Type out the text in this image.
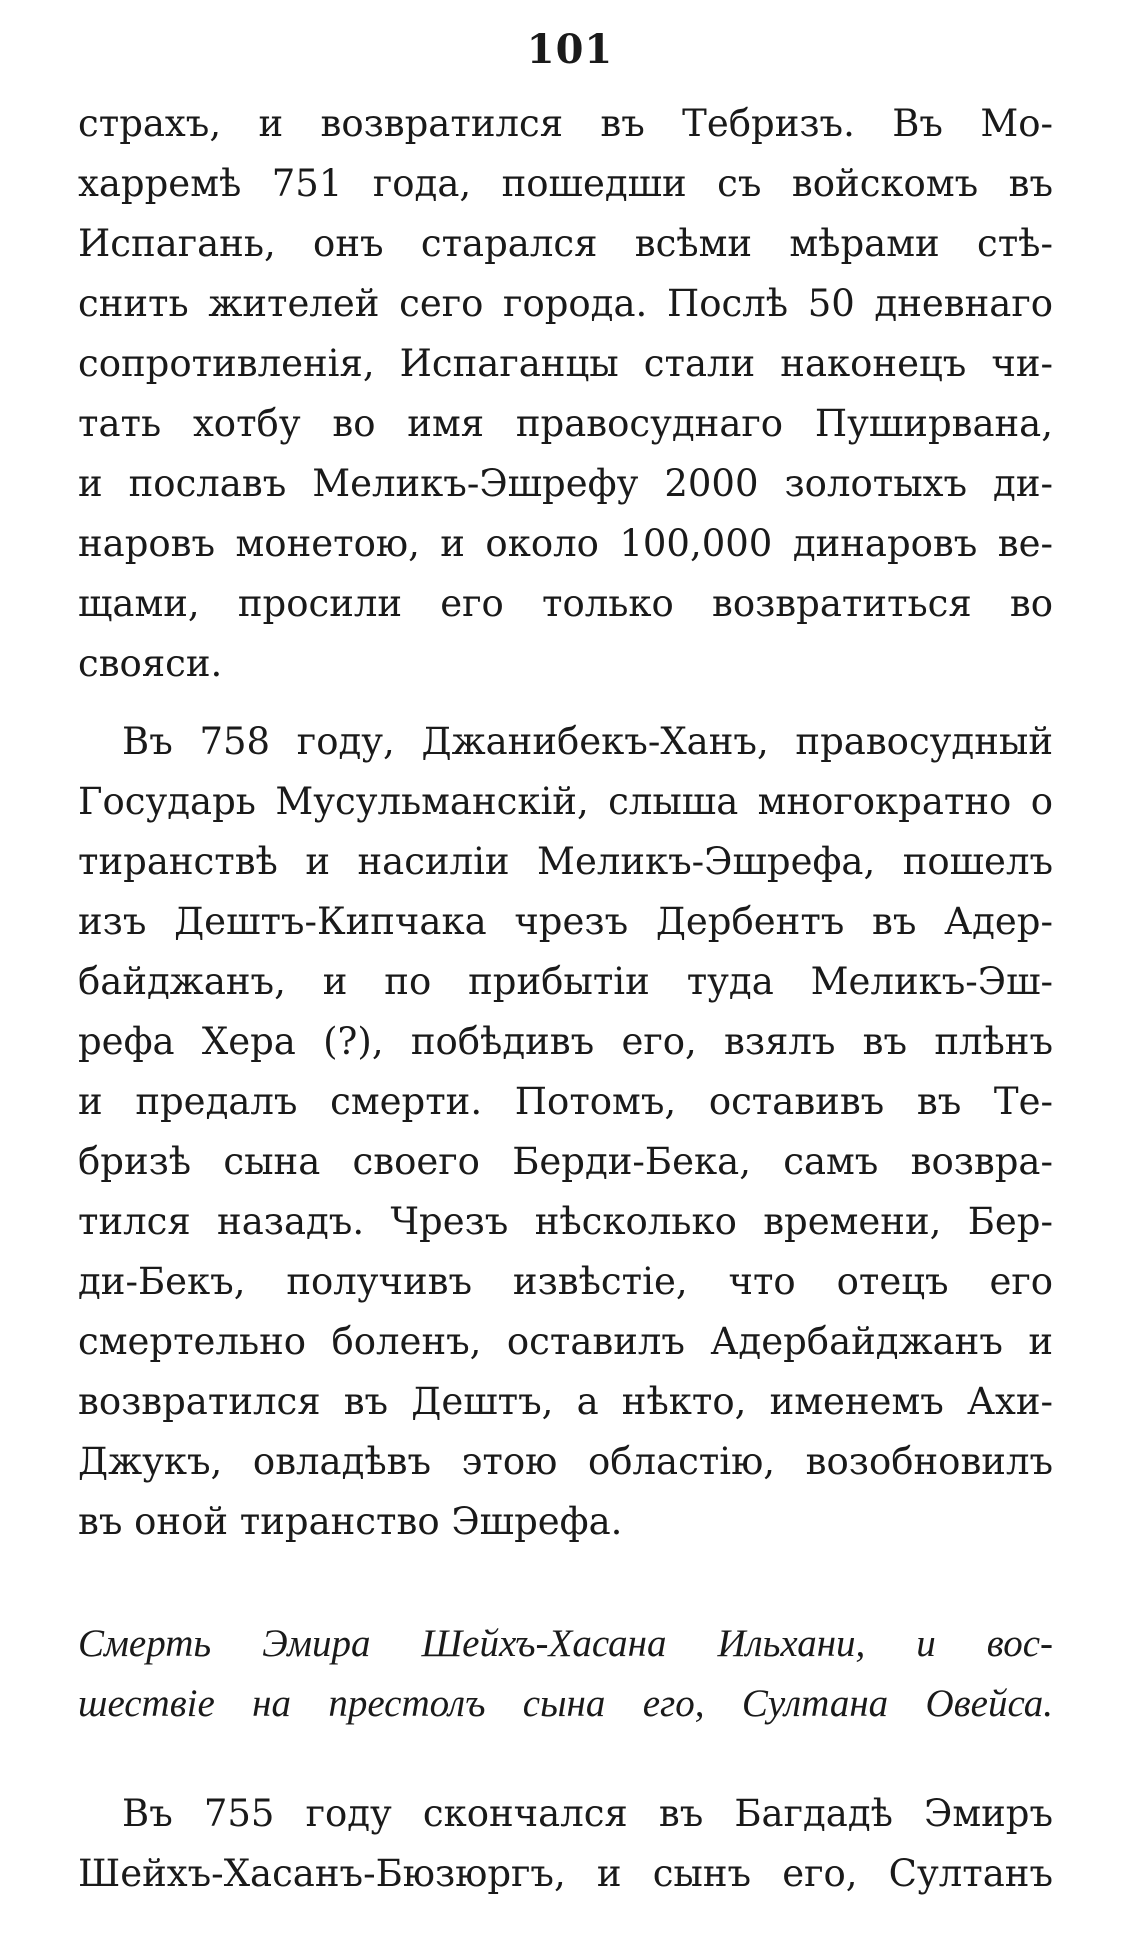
101
страхъ, и возвратился въ Тебризъ. Въ Мо-
харремѣ 751 года, пошедши съ войскомъ въ
Испагань, онъ старался всѣми мѣрами стѣ-
снить жителей сего города. Послѣ 50 дневнаго
сопротивленія, Испаганцы стали наконецъ чи-
тать хотбу во имя правосуднаго Пуширвана,
и пославъ Меликъ-Эшрефу 2000 золотыхъ ди-
наровъ монетою, и около 100,000 динаровъ ве-
щами, просили его только возвратиться во
свояси.
Въ 758 году, Джанибекъ-Ханъ, правосудный
Государь Мусульманскій, слыша многократно о
тиранствѣ и насиліи Меликъ-Эшрефа, пошелъ
изъ Дештъ-Кипчака чрезъ Дербентъ въ Адер-
байджанъ, и по прибытіи туда Меликъ-Эш-
рефа Хера (?), побѣдивъ его, взялъ въ плѣнъ
и предалъ смерти. Потомъ, оставивъ въ Те-
бризѣ сына своего Берди-Бека, самъ возвра-
тился назадъ. Чрезъ нѣсколько времени, Бер-
ди-Бекъ, получивъ извѣстіе, что отецъ его
смертельно боленъ, оставилъ Адербайджанъ и
возвратился въ Дештъ, а нѣкто, именемъ Ахи-
Джукъ, овладѣвъ этою областію, возобновилъ
въ оной тиранство Эшрефа.
Смерть Эмира Шейхъ-Хасана Ильхани, и вос-
шествіе на престолъ сына его, Султана Овейса.
Въ 755 году скончался въ Багдадѣ Эмиръ
Шейхъ-Хасанъ-Бюзюргъ, и сынъ его, Султанъ
